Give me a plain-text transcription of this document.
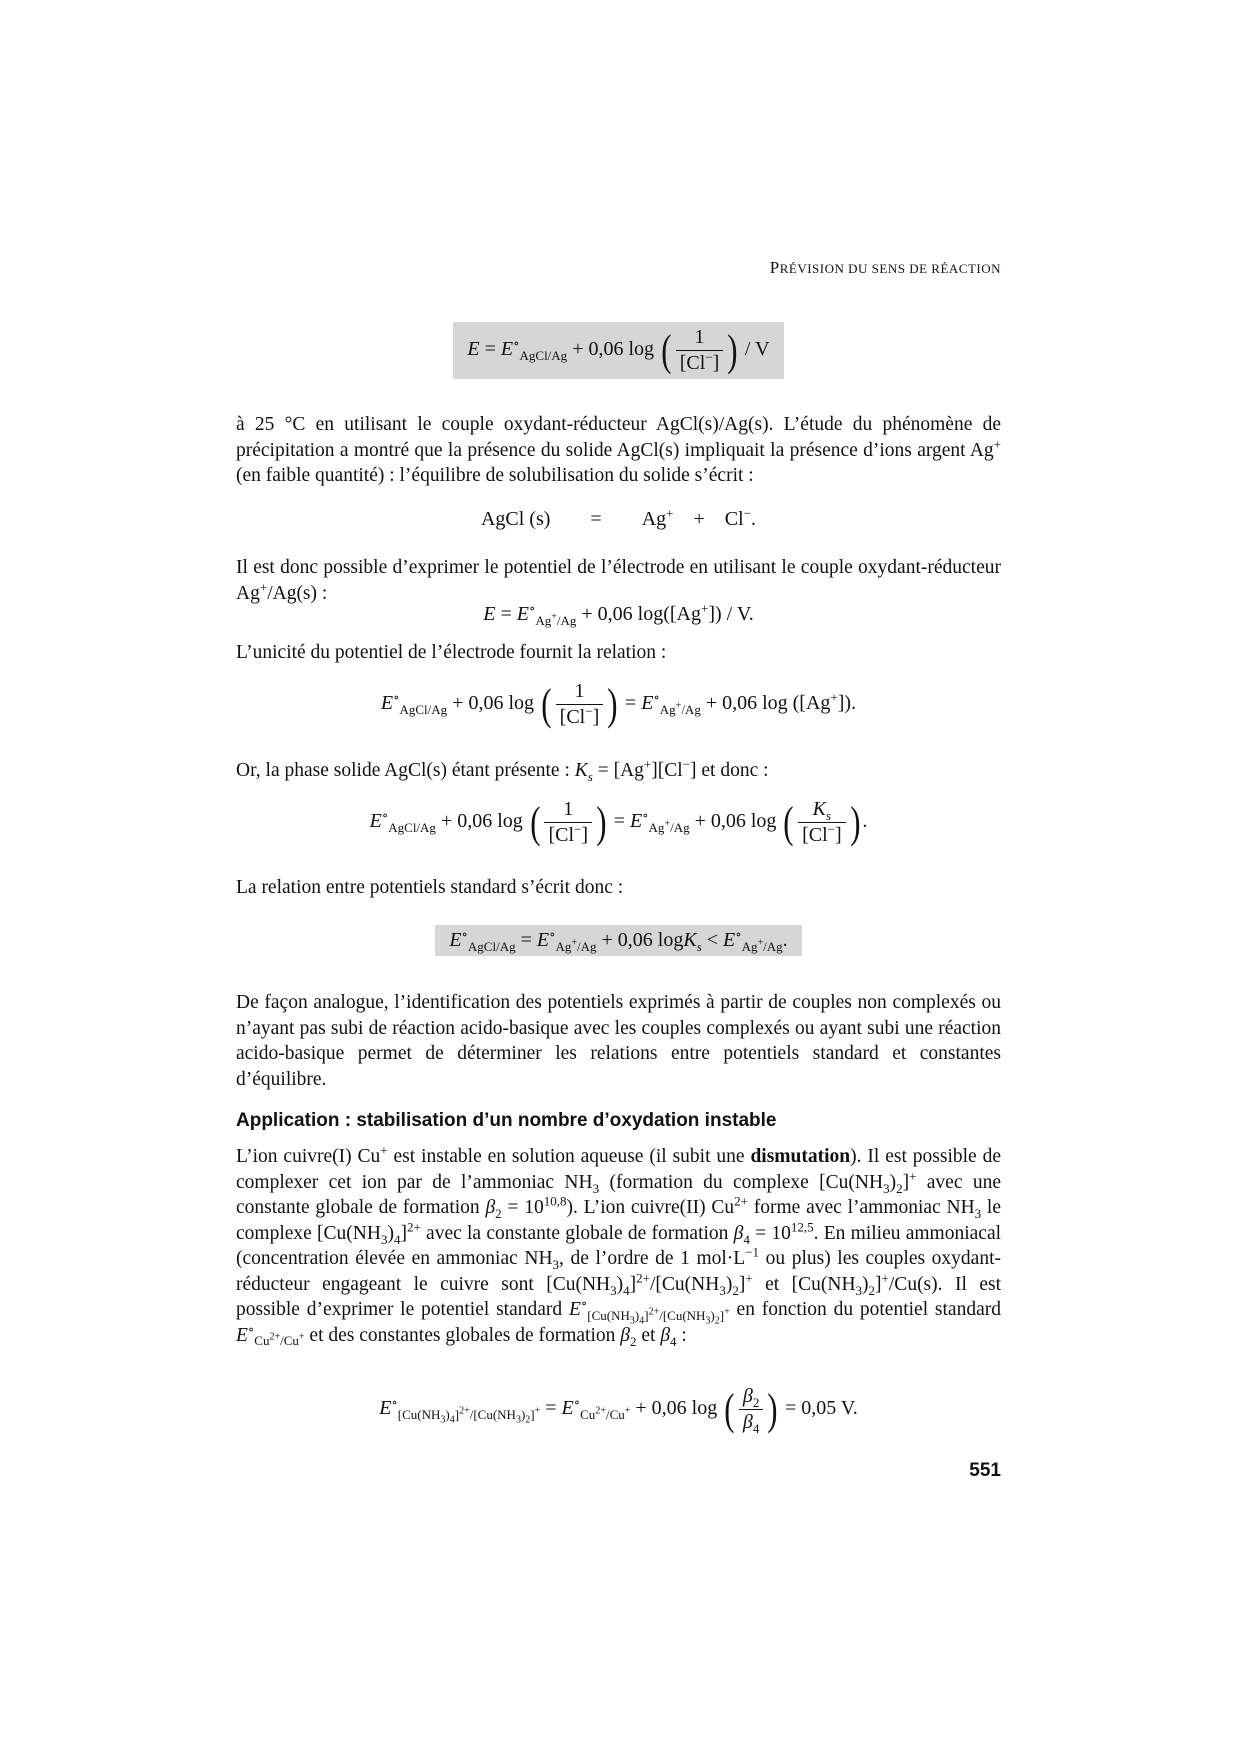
PRÉVISION DU SENS DE RÉACTION
$E = E^\circ_{AgCl/Ag} + 0,06$ log ( $\frac{1}{[Cl^-]}$ ) / V
à 25 °C en utilisant le couple oxydant-réducteur AgCl(s)/Ag(s). L’étude du phénomène de précipitation a montré que la présence du solide AgCl(s) impliquait la présence d’ions argent Ag+ (en faible quantité) : l’équilibre de solubilisation du solide s’écrit :
AgCl (s) = Ag+ + Cl−.
Il est donc possible d’exprimer le potentiel de l’électrode en utilisant le couple oxydant-réducteur Ag+/Ag(s) :
$E = E^\circ_{Ag^+/Ag} + 0,06$ log([Ag+]) / V.
L’unicité du potentiel de l’électrode fournit la relation :
$E^\circ_{AgCl/Ag} + 0,06$ log ( $\frac{1}{[Cl^-]}$ ) = $E^\circ_{Ag^+/Ag} + 0,06$ log ([Ag+]).
Or, la phase solide AgCl(s) étant présente : $K_s = [Ag^+][Cl^-]$ et donc :
$E^\circ_{AgCl/Ag} + 0,06$ log ( $\frac{1}{[Cl^-]}$ ) = $E^\circ_{Ag^+/Ag} + 0,06$ log ( $\frac{K_s}{[Cl^-]}$ ) .
La relation entre potentiels standard s’écrit donc :
$E^\circ_{AgCl/Ag} = E^\circ_{Ag^+/Ag} + 0,06$ $\log K_s < E^\circ_{Ag^+/Ag}$.
De façon analogue, l’identification des potentiels exprimés à partir de couples non complexés ou n’ayant pas subi de réaction acido-basique avec les couples complexés ou ayant subi une réaction acido-basique permet de déterminer les relations entre potentiels standard et constantes d’équilibre.
Application : stabilisation d’un nombre d’oxydation instable
L’ion cuivre(I) Cu+ est instable en solution aqueuse (il subit une dismutation). Il est possible de complexer cet ion par de l’ammoniac $NH_3$ (formation du complexe $[Cu(NH_3)_2]^+$ avec une constante globale de formation $\beta_2 = 10^{10,8}$). L’ion cuivre(II) $Cu^{2+}$ forme avec l’ammoniac $NH_3$ le complexe $[Cu(NH_3)_4]^{2+}$ avec la constante globale de formation $\beta_4 = 10^{12,5}$. En milieu ammoniacal (concentration élevée en ammoniac $NH_3$, de l’ordre de 1 $mol\cdot L^{-1}$ ou plus) les couples oxydant-réducteur engageant le cuivre sont $[Cu(NH_3)_4]^{2+}/[Cu(NH_3)_2]^+$ et $[Cu(NH_3)_2]^+/Cu(s)$. Il est possible d’exprimer le potentiel standard $E^\circ_{[Cu(NH_3)_4]^{2+}/[Cu(NH_3)_2]^+}$ en fonction du potentiel standard $E^\circ_{Cu^{2+}/Cu^+}$ et des constantes globales de formation $\beta_2$ et $\beta_4$ :
$E^\circ_{[Cu(NH_3)_4]^{2+}/[Cu(NH_3)_2]^+} = E^\circ_{Cu^{2+}/Cu^+} + 0,06$ log ( $\frac{\beta_2}{\beta_4}$ ) = 0,05 V.
551
